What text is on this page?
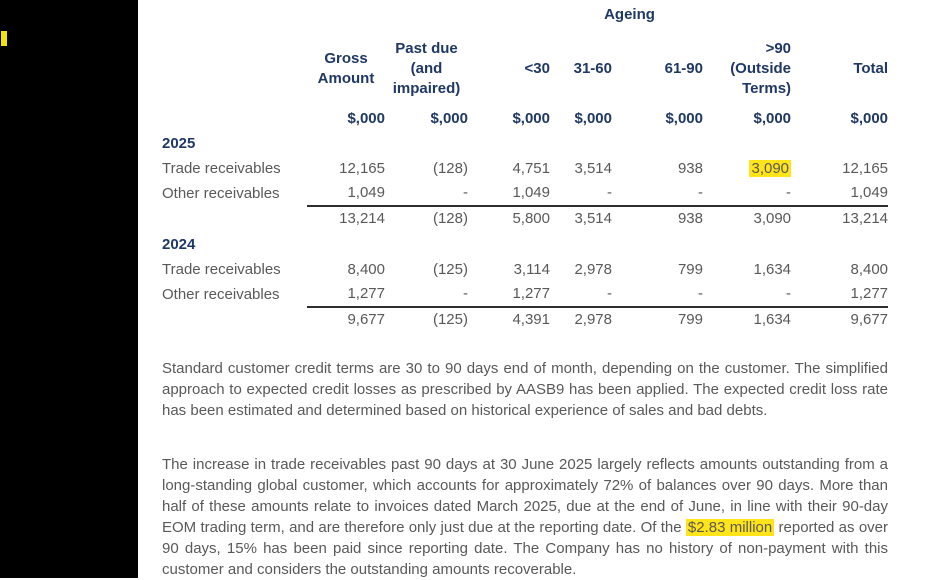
			Ageing				
	Gross Amount	Past due (and impaired)	<30	31-60	61-90	>90 (Outside Terms)	Total
	$,000	$,000	$,000	$,000	$,000	$,000	$,000
2025							
Trade receivables	12,165	(128)	4,751	3,514	938	3,090	12,165
Other receivables	1,049	-	1,049	-	-	-	1,049
	13,214	(128)	5,800	3,514	938	3,090	13,214
2024							
Trade receivables	8,400	(125)	3,114	2,978	799	1,634	8,400
Other receivables	1,277	-	1,277	-	-	-	1,277
	9,677	(125)	4,391	2,978	799	1,634	9,677

Standard customer credit terms are 30 to 90 days end of month, depending on the customer. The simplified approach to expected credit losses as prescribed by AASB9 has been applied. The expected credit loss rate has been estimated and determined based on historical experience of sales and bad debts.

The increase in trade receivables past 90 days at 30 June 2025 largely reflects amounts outstanding from a long-standing global customer, which accounts for approximately 72% of balances over 90 days. More than half of these amounts relate to invoices dated March 2025, due at the end of June, in line with their 90-day EOM trading term, and are therefore only just due at the reporting date. Of the $2.83 million reported as over 90 days, 15% has been paid since reporting date. The Company has no history of non-payment with this customer and considers the outstanding amounts recoverable.
